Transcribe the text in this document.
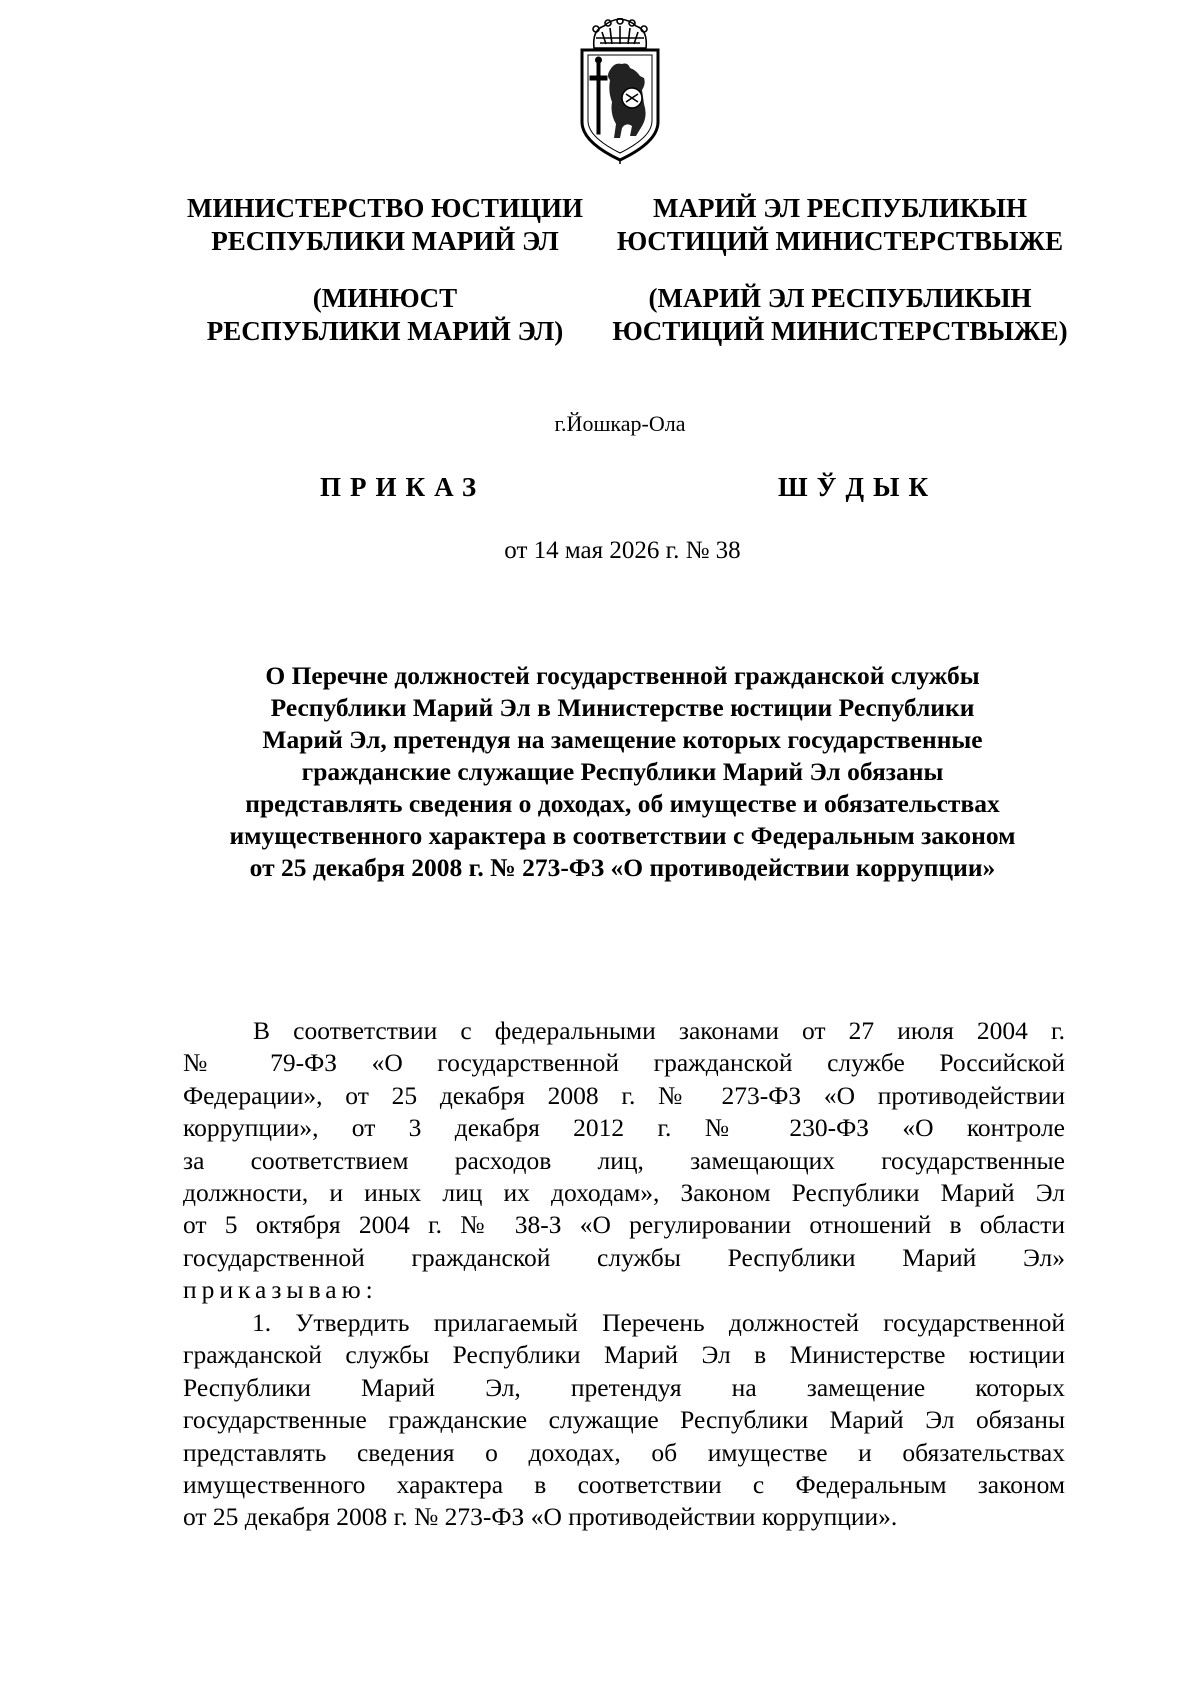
МИНИСТЕРСТВО ЮСТИЦИИ
РЕСПУБЛИКИ МАРИЙ ЭЛ
(МИНЮСТ
РЕСПУБЛИКИ МАРИЙ ЭЛ)
МАРИЙ ЭЛ РЕСПУБЛИКЫН
ЮСТИЦИЙ МИНИСТЕРСТВЫЖЕ
(МАРИЙ ЭЛ РЕСПУБЛИКЫН
ЮСТИЦИЙ МИНИСТЕРСТВЫЖЕ)
г.Йошкар-Ола
ПРИКАЗ	ШЎДЫК
от 14 мая 2026 г. № 38
О Перечне должностей государственной гражданской службы
Республики Марий Эл в Министерстве юстиции Республики
Марий Эл, претендуя на замещение которых государственные
гражданские служащие Республики Марий Эл обязаны
представлять сведения о доходах, об имуществе и обязательствах
имущественного характера в соответствии с Федеральным законом
от 25 декабря 2008 г. № 273-ФЗ «О противодействии коррупции»
В соответствии с федеральными законами от 27 июля 2004 г.
№ 79-ФЗ «О государственной гражданской службе Российской
Федерации», от 25 декабря 2008 г. № 273-ФЗ «О противодействии
коррупции», от 3 декабря 2012 г. № 230-ФЗ «О контроле
за соответствием расходов лиц, замещающих государственные
должности, и иных лиц их доходам», Законом Республики Марий Эл
от 5 октября 2004 г. № 38-З «О регулировании отношений в области
государственной гражданской службы Республики Марий Эл»
приказываю:
1. Утвердить прилагаемый Перечень должностей государственной
гражданской службы Республики Марий Эл в Министерстве юстиции
Республики Марий Эл, претендуя на замещение которых
государственные гражданские служащие Республики Марий Эл обязаны
представлять сведения о доходах, об имуществе и обязательствах
имущественного характера в соответствии с Федеральным законом
от 25 декабря 2008 г. № 273-ФЗ «О противодействии коррупции».
